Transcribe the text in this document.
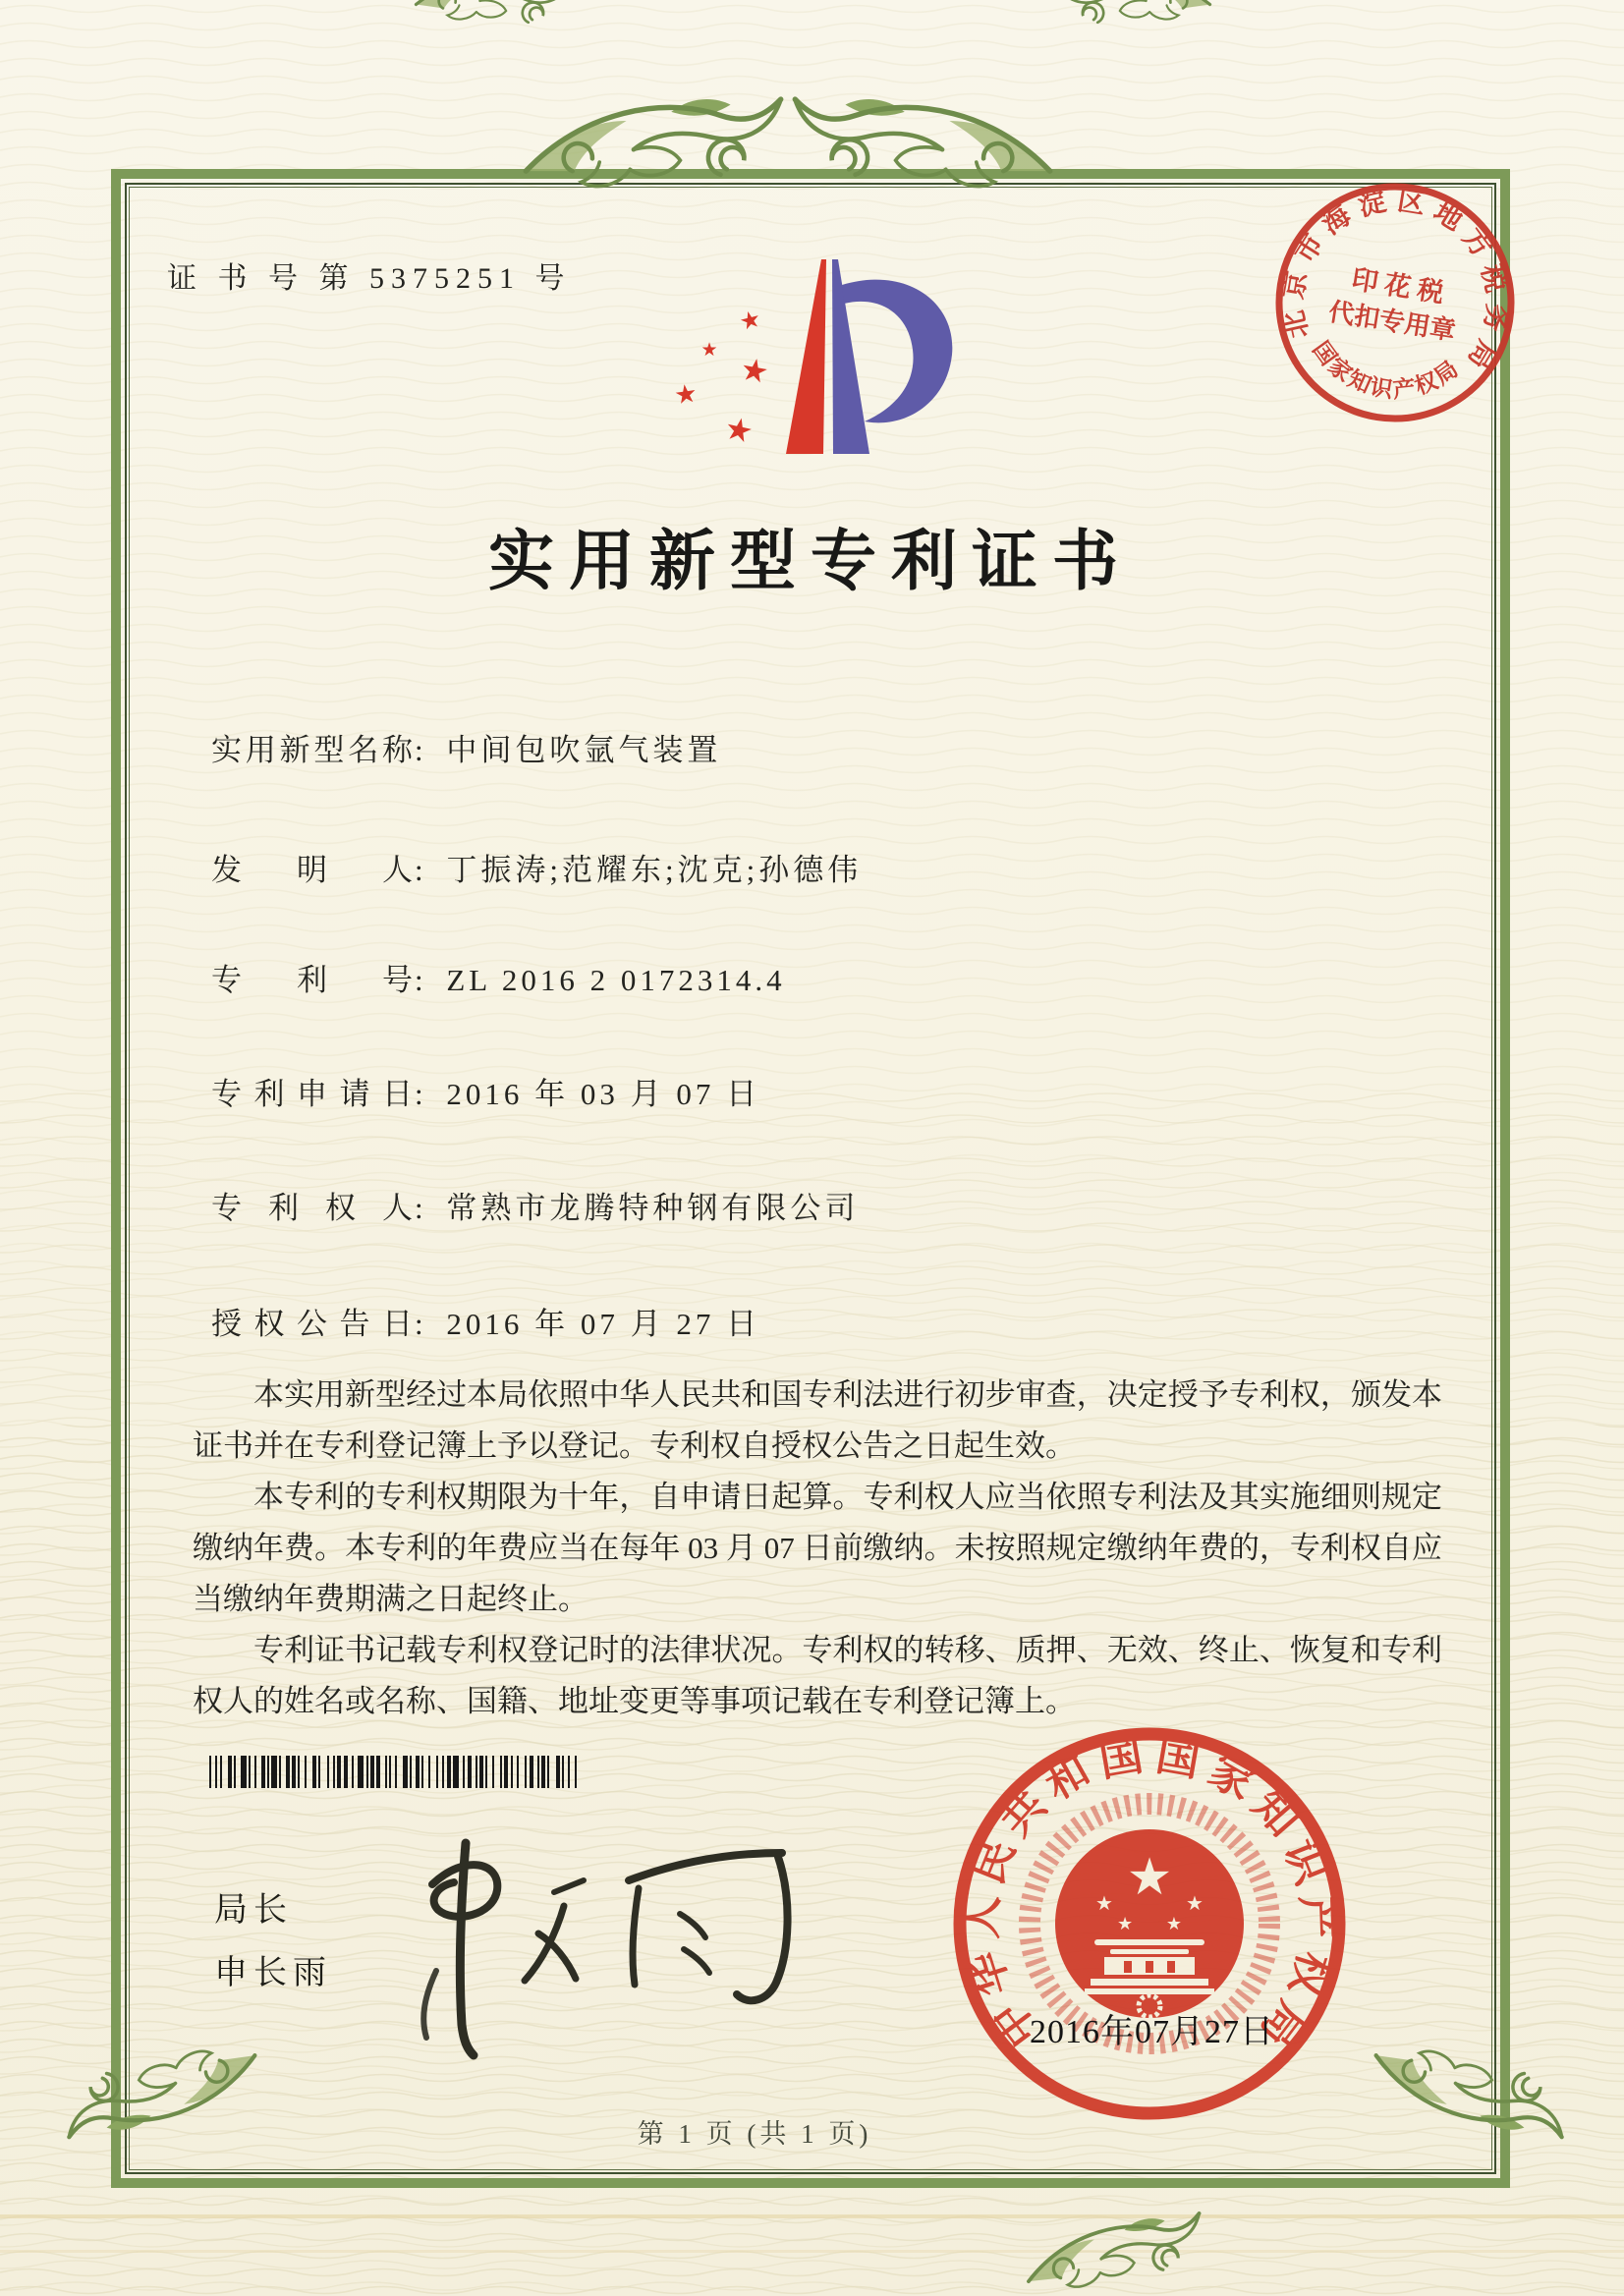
证 书 号 第 5375251 号
★
★ ★
★
★
实用新型专利证书
实用新型名称: 中间包吹氩气装置
发明人: 丁振涛;范耀东;沈克;孙德伟
专利号: ZL 2016 2 0172314.4
专利申请日: 2016 年 03 月 07 日
专利权人: 常熟市龙腾特种钢有限公司
授权公告日: 2016 年 07 月 27 日

本实用新型经过本局依照中华人民共和国专利法进行初步审查，决定授予专利权，颁发本证书并在专利登记簿上予以登记。专利权自授权公告之日起生效。

本专利的专利权期限为十年，自申请日起算。专利权人应当依照专利法及其实施细则规定缴纳年费。本专利的年费应当在每年 03 月 07 日前缴纳。未按照规定缴纳年费的，专利权自应当缴纳年费期满之日起终止。

专利证书记载专利权登记时的法律状况。专利权的转移、质押、无效、终止、恢复和专利权人的姓名或名称、国籍、地址变更等事项记载在专利登记簿上。

局长
申长雨
中华人民共和国国家知识产权局
★
★	★
★ ★
2016年07月27日
北京市海淀区地方税务局
国家知识产权局
印 花 税
代扣专用章
第 1 页 (共 1 页)
